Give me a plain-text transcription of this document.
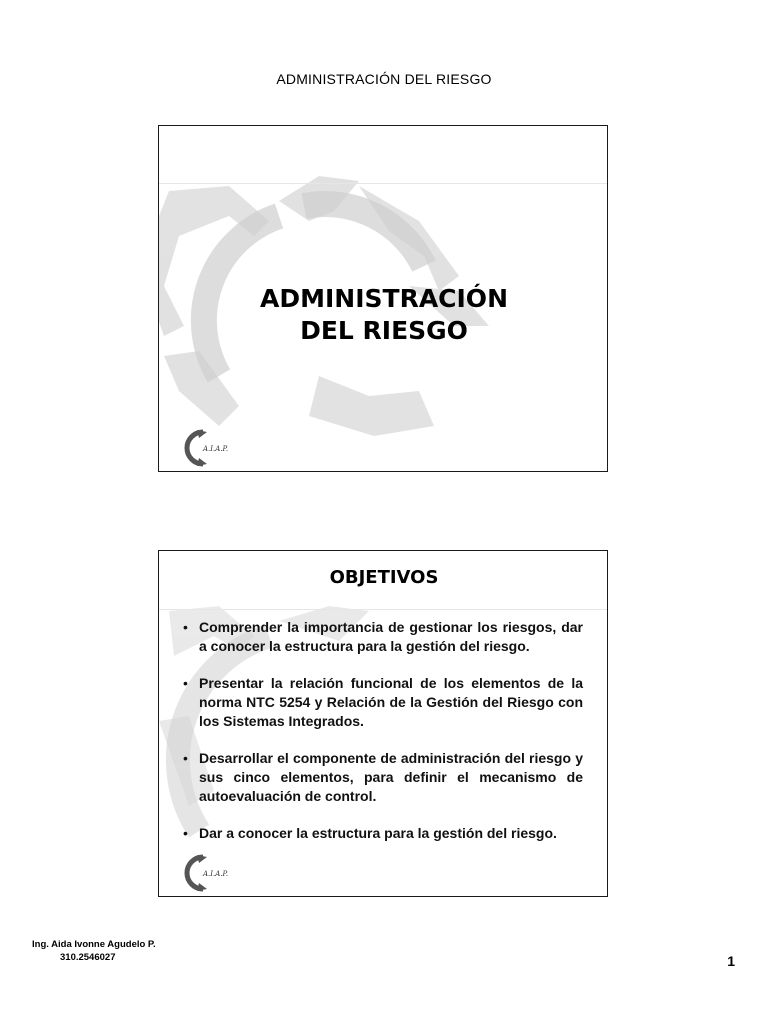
ADMINISTRACIÓN DEL RIESGO
ADMINISTRACIÓN
DEL RIESGO
A.I.A.P.
OBJETIVOS
• Comprender la importancia de gestionar los riesgos, dar a conocer la estructura para la gestión del riesgo.
• Presentar la relación funcional de los elementos de la norma NTC 5254 y Relación de la Gestión del Riesgo con los Sistemas Integrados.
• Desarrollar el componente de administración del riesgo y sus cinco elementos, para definir el mecanismo de autoevaluación de control.
• Dar a conocer la estructura para la gestión del riesgo.
A.I.A.P.
Ing. Aida Ivonne Agudelo P.
310.2546027	1
